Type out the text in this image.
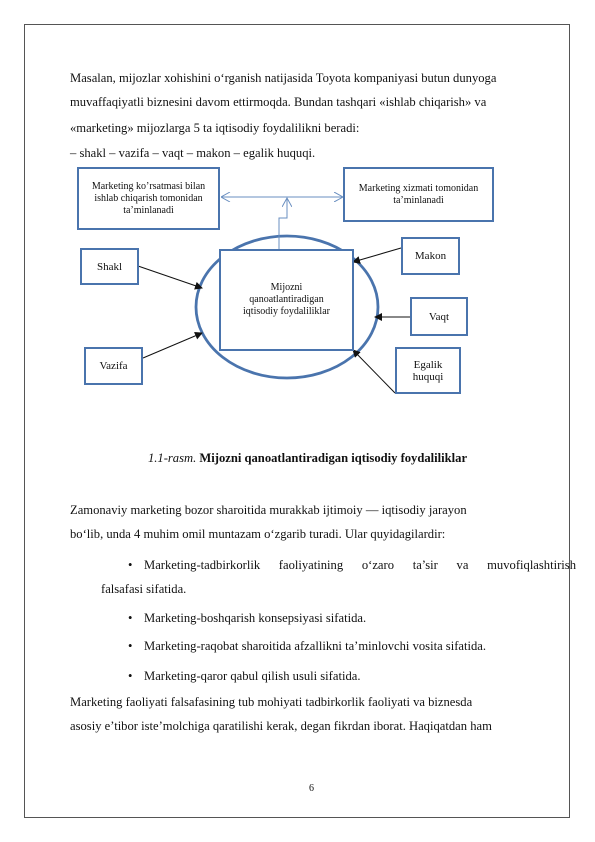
Masalan, mijozlar xohishini o‘rganish natijasida Toyota kompaniyasi butun dunyoga
muvaffaqiyatli biznesini davom ettirmoqda. Bundan tashqari «ishlab chiqarish» va
«marketing» mijozlarga 5 ta iqtisodiy foydalilikni beradi:
– shakl – vazifa – vaqt – makon – egalik huquqi.
Marketing ko’rsatmasi bilan
ishlab chiqarish tomonidan
ta’minlanadi
Marketing xizmati tomonidan
ta’minlanadi
Mijozni
qanoatlantiradigan
iqtisodiy foydaliliklar
Shakl
Vazifa
Makon
Vaqt
Egalik
huquqi
1.1-rasm. Mijozni qanoatlantiradigan iqtisodiy foydaliliklar
Zamonaviy marketing bozor sharoitida murakkab ijtimoiy — iqtisodiy jarayon
bo‘lib, unda 4 muhim omil muntazam o‘zgarib turadi. Ular quyidagilardir:
• Marketing-tadbirkorlik faoliyatining o‘zaro ta’sir va muvofiqlashtirish
falsafasi sifatida.
• Marketing-boshqarish konsepsiyasi sifatida.
• Marketing-raqobat sharoitida afzallikni ta’minlovchi vosita sifatida.
• Marketing-qaror qabul qilish usuli sifatida.
Marketing faoliyati falsafasining tub mohiyati tadbirkorlik faoliyati va biznesda
asosiy e’tibor iste’molchiga qaratilishi kerak, degan fikrdan iborat. Haqiqatdan ham
6
